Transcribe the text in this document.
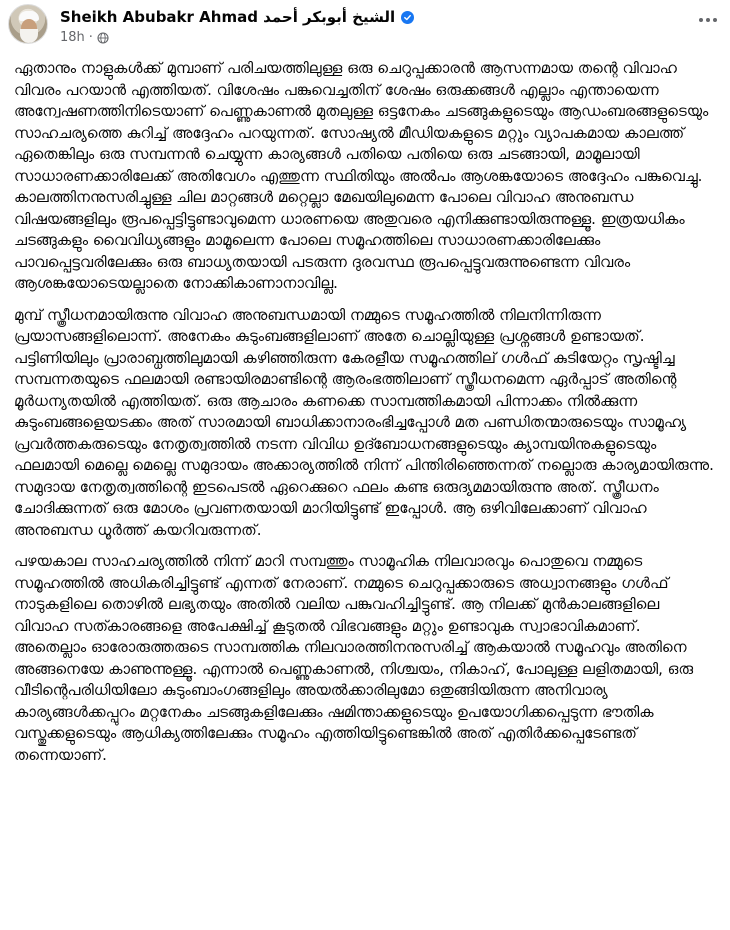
Sheikh Abubakr Ahmad الشيخ أبوبكر أحمد
18h ·

ഏതാനും നാളുകൾക്ക് മുമ്പാണ് പരിചയത്തിലുള്ള ഒരു ചെറുപ്പക്കാരൻ ആസന്നമായ തന്റെ വിവാഹ വിവരം പറയാൻ എത്തിയത്. വിശേഷം പങ്കുവെച്ചതിന് ശേഷം ഒരുക്കങ്ങൾ എല്ലാം എന്തായെന്ന അന്വേഷണത്തിനിടെയാണ് പെണ്ണുകാണൽ മുതലുള്ള ഒട്ടനേകം ചടങ്ങുകളുടെയും ആഡംബരങ്ങളുടെയും സാഹചര്യത്തെ കുറിച്ച് അദ്ദേഹം പറയുന്നത്. സോഷ്യൽ മീഡിയകളുടെ മറ്റും വ്യാപകമായ കാലത്ത് ഏതെങ്കിലും ഒരു സമ്പന്നൻ ചെയ്യുന്ന കാര്യങ്ങൾ പതിയെ പതിയെ ഒരു ചടങ്ങായി, മാമൂലായി സാധാരണക്കാരിലേക്ക് അതിവേഗം എത്തുന്ന സ്ഥിതിയും അൽപം ആശങ്കയോടെ അദ്ദേഹം പങ്കുവെച്ചു. കാലത്തിനനുസരിച്ചുള്ള ചില മാറ്റങ്ങൾ മറ്റെല്ലാ മേഖയിലുമെന്ന പോലെ വിവാഹ അനുബന്ധ വിഷയങ്ങളിലും രൂപപ്പെട്ടിട്ടുണ്ടാവുമെന്ന ധാരണയെ അതുവരെ എനിക്കുണ്ടായിരുന്നുള്ളൂ. ഇത്രയധികം ചടങ്ങുകളും വൈവിധ്യങ്ങളും മാമൂലെന്ന പോലെ സമൂഹത്തിലെ സാധാരണക്കാരിലേക്കും പാവപ്പെട്ടവരിലേക്കും ഒരു ബാധ്യതയായി പടരുന്ന ദുരവസ്ഥ രൂപപ്പെട്ടുവരുന്നുണ്ടെന്ന വിവരം ആശങ്കയോടെയല്ലാതെ നോക്കികാണാനാവില്ല.

മുമ്പ് സ്ത്രീധനമായിരുന്നു വിവാഹ അനുബന്ധമായി നമ്മുടെ സമൂഹത്തിൽ നിലനിന്നിരുന്ന പ്രയാസങ്ങളിലൊന്ന്. അനേകം കുടുംബങ്ങളിലാണ് അതേ ചൊല്ലിയുള്ള പ്രശ്നങ്ങൾ ഉണ്ടായത്. പട്ടിണിയിലും പ്രാരാബ്ധത്തിലുമായി കഴിഞ്ഞിരുന്ന കേരളീയ സമൂഹത്തില് ഗൾഫ് കുടിയേറ്റം സൃഷ്ടിച്ച സമ്പന്നതയുടെ ഫലമായി രണ്ടായിരമാണ്ടിന്റെ ആരംഭത്തിലാണ് സ്ത്രീധനമെന്ന ഏർപ്പാട് അതിന്റെ മൂർധന്യതയിൽ എത്തിയത്. ഒരു ആചാരം കണക്കെ സാമ്പത്തികമായി പിന്നാക്കം നിൽക്കുന്ന കുടുംബങ്ങളെയടക്കം അത് സാരമായി ബാധിക്കാനാരംഭിച്ചപ്പോൾ മത പണ്ഡിതന്മാരുടെയും സാമൂഹ്യ പ്രവർത്തകരുടെയും നേതൃത്വത്തിൽ നടന്ന വിവിധ ഉദ്ബോധനങ്ങളുടെയും ക്യാമ്പയിനുകളുടെയും ഫലമായി മെല്ലെ മെല്ലെ സമുദായം അക്കാര്യത്തിൽ നിന്ന് പിന്തിരിഞ്ഞെന്നത് നല്ലൊരു കാര്യമായിരുന്നു. സമുദായ നേതൃത്വത്തിന്റെ ഇടപെടൽ ഏറെക്കുറെ ഫലം കണ്ട ഒരുദ്യമമായിരുന്നു അത്. സ്ത്രീധനം ചോദിക്കുന്നത് ഒരു മോശം പ്രവണതയായി മാറിയിട്ടുണ്ട് ഇപ്പോൾ. ആ ഒഴിവിലേക്കാണ് വിവാഹ അനുബന്ധ ധൂർത്ത് കയറിവരുന്നത്.

പഴയകാല സാഹചര്യത്തിൽ നിന്ന് മാറി സമ്പത്തും സാമൂഹിക നിലവാരവും പൊതുവെ നമ്മുടെ സമൂഹത്തിൽ അധികരിച്ചിട്ടുണ്ട് എന്നത് നേരാണ്. നമ്മുടെ ചെറുപ്പക്കാരുടെ അധ്വാനങ്ങളും ഗൾഫ് നാടുകളിലെ തൊഴിൽ ലഭ്യതയും അതിൽ വലിയ പങ്കുവഹിച്ചിട്ടുണ്ട്. ആ നിലക്ക് മുൻകാലങ്ങളിലെ വിവാഹ സത്കാരങ്ങളെ അപേക്ഷിച്ച് കൂടുതൽ വിഭവങ്ങളും മറ്റും ഉണ്ടാവുക സ്വാഭാവികമാണ്. അതെല്ലാം ഓരോരുത്തരുടെ സാമ്പത്തിക നിലവാരത്തിനനുസരിച്ച് ആകയാൽ സമൂഹവും അതിനെ അങ്ങനെയേ കാണുന്നുള്ളൂ. എന്നാൽ പെണ്ണുകാണൽ, നിശ്ചയം, നികാഹ്, പോലുള്ള ലളിതമായി, ഒരു വീടിന്റെപരിധിയിലോ കുടുംബാംഗങ്ങളിലും അയൽക്കാരിലുമോ ഒതുങ്ങിയിരുന്ന അനിവാര്യ കാര്യങ്ങൾക്കപ്പുറം മറ്റനേകം ചടങ്ങുകളിലേക്കും ഷമിന്താക്കളുടെയും ഉപയോഗിക്കപ്പെടുന്ന ഭൗതിക വസ്തുക്കളുടെയും ആധിക്യത്തിലേക്കും സമൂഹം എത്തിയിട്ടുണ്ടെങ്കിൽ അത് എതിർക്കപ്പെടേണ്ടത് തന്നെയാണ്.
